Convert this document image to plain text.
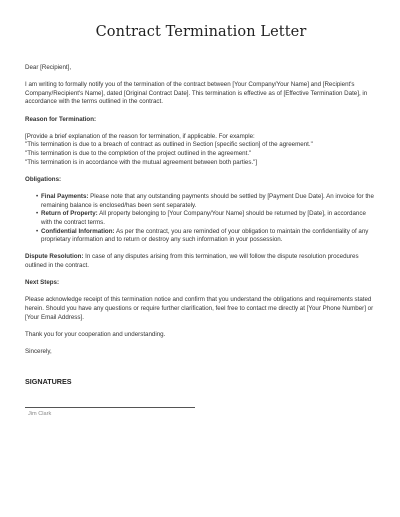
Contract Termination Letter

Dear [Recipient],

I am writing to formally notify you of the termination of the contract between [Your Company/Your Name] and [Recipient's Company/Recipient's Name], dated [Original Contract Date]. This termination is effective as of [Effective Termination Date], in accordance with the terms outlined in the contract.

Reason for Termination:
[Provide a brief explanation of the reason for termination, if applicable. For example:
"This termination is due to a breach of contract as outlined in Section [specific section] of the agreement."
"This termination is due to the completion of the project outlined in the agreement."
"This termination is in accordance with the mutual agreement between both parties."]
Obligations:
• Final Payments: Please note that any outstanding payments should be settled by [Payment Due Date]. An invoice for the remaining balance is enclosed/has been sent separately.
• Return of Property: All property belonging to [Your Company/Your Name] should be returned by [Date], in accordance with the contract terms.
• Confidential Information: As per the contract, you are reminded of your obligation to maintain the confidentiality of any proprietary information and to return or destroy any such information in your possession.

Dispute Resolution: In case of any disputes arising from this termination, we will follow the dispute resolution procedures outlined in the contract.

Next Steps:

Please acknowledge receipt of this termination notice and confirm that you understand the obligations and requirements stated herein. Should you have any questions or require further clarification, feel free to contact me directly at [Your Phone Number] or [Your Email Address].

Thank you for your cooperation and understanding.

Sincerely,

SIGNATURES
Jim Clark
